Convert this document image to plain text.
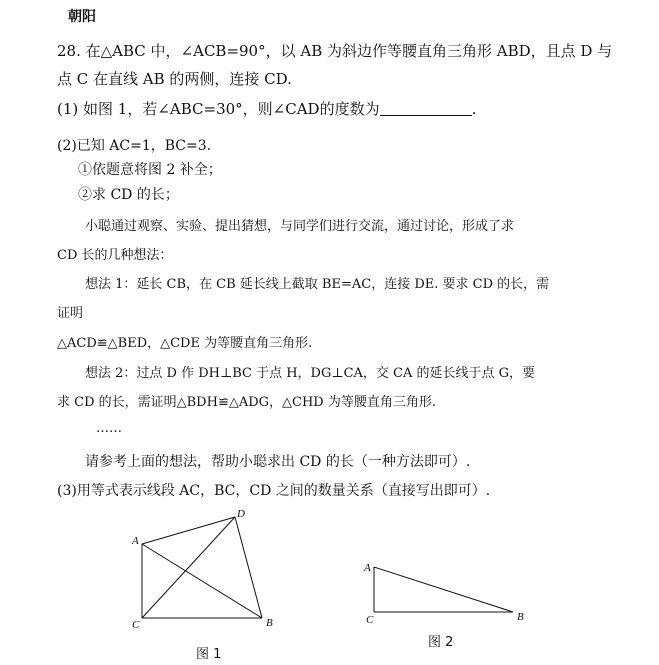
朝阳
28. 在△ABC 中，∠ACB=90°，以 AB 为斜边作等腰直角三角形 ABD，且点 D 与
点 C 在直线 AB 的两侧，连接 CD.
(1) 如图 1，若∠ABC=30°，则∠CAD的度数为	.
(2)已知 AC=1，BC=3.
①依题意将图 2 补全；
②求 CD 的长；
小聪通过观察、实验、提出猜想，与同学们进行交流，通过讨论，形成了求
CD 长的几种想法：
想法 1：延长 CB，在 CB 延长线上截取 BE=AC，连接 DE. 要求 CD 的长，需
证明
△ACD≌△BED，△CDE 为等腰直角三角形.
想法 2：过点 D 作 DH⊥BC 于点 H，DG⊥CA，交 CA 的延长线于点 G，要
求 CD 的长，需证明△BDH≌△ADG，△CHD 为等腰直角三角形.
……
请参考上面的想法，帮助小聪求出 CD 的长（一种方法即可）.
(3)用等式表示线段 AC，BC，CD 之间的数量关系（直接写出即可）.
A
D
C	B
图 1
A
C	B
图 2
